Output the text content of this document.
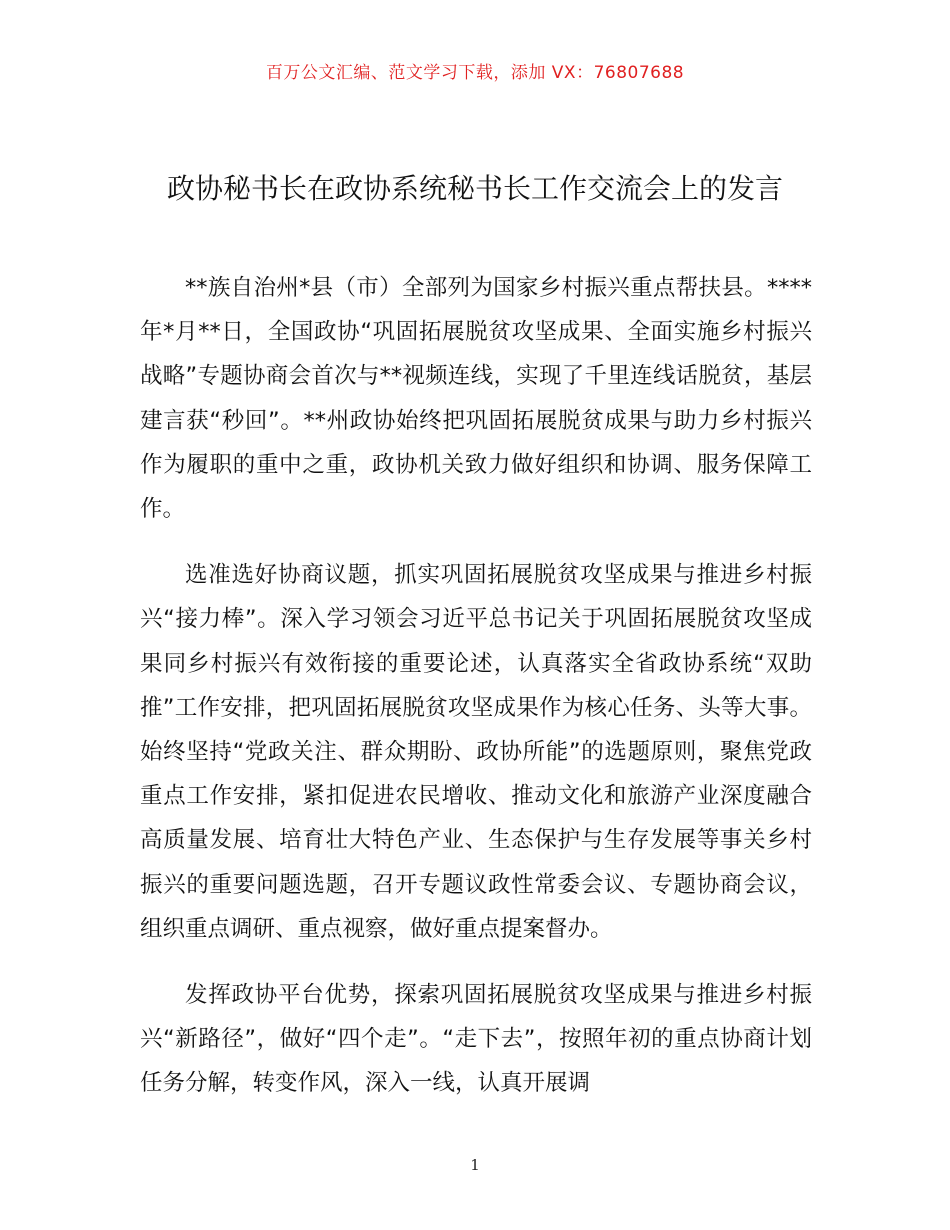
百万公文汇编、范文学习下载，添加 VX：76807688
政协秘书长在政协系统秘书长工作交流会上的发言

**族自治州*县（市）全部列为国家乡村振兴重点帮扶县。****年*月**日，全国政协“巩固拓展脱贫攻坚成果、全面实施乡村振兴战略”专题协商会首次与**视频连线，实现了千里连线话脱贫，基层建言获“秒回”。**州政协始终把巩固拓展脱贫成果与助力乡村振兴作为履职的重中之重，政协机关致力做好组织和协调、服务保障工作。

选准选好协商议题，抓实巩固拓展脱贫攻坚成果与推进乡村振兴“接力棒”。深入学习领会习近平总书记关于巩固拓展脱贫攻坚成果同乡村振兴有效衔接的重要论述，认真落实全省政协系统“双助推”工作安排，把巩固拓展脱贫攻坚成果作为核心任务、头等大事。始终坚持“党政关注、群众期盼、政协所能”的选题原则，聚焦党政重点工作安排，紧扣促进农民增收、推动文化和旅游产业深度融合高质量发展、培育壮大特色产业、生态保护与生存发展等事关乡村振兴的重要问题选题，召开专题议政性常委会议、专题协商会议，组织重点调研、重点视察，做好重点提案督办。

发挥政协平台优势，探索巩固拓展脱贫攻坚成果与推进乡村振兴“新路径”，做好“四个走”。“走下去”，按照年初的重点协商计划任务分解，转变作风，深入一线，认真开展调

1
